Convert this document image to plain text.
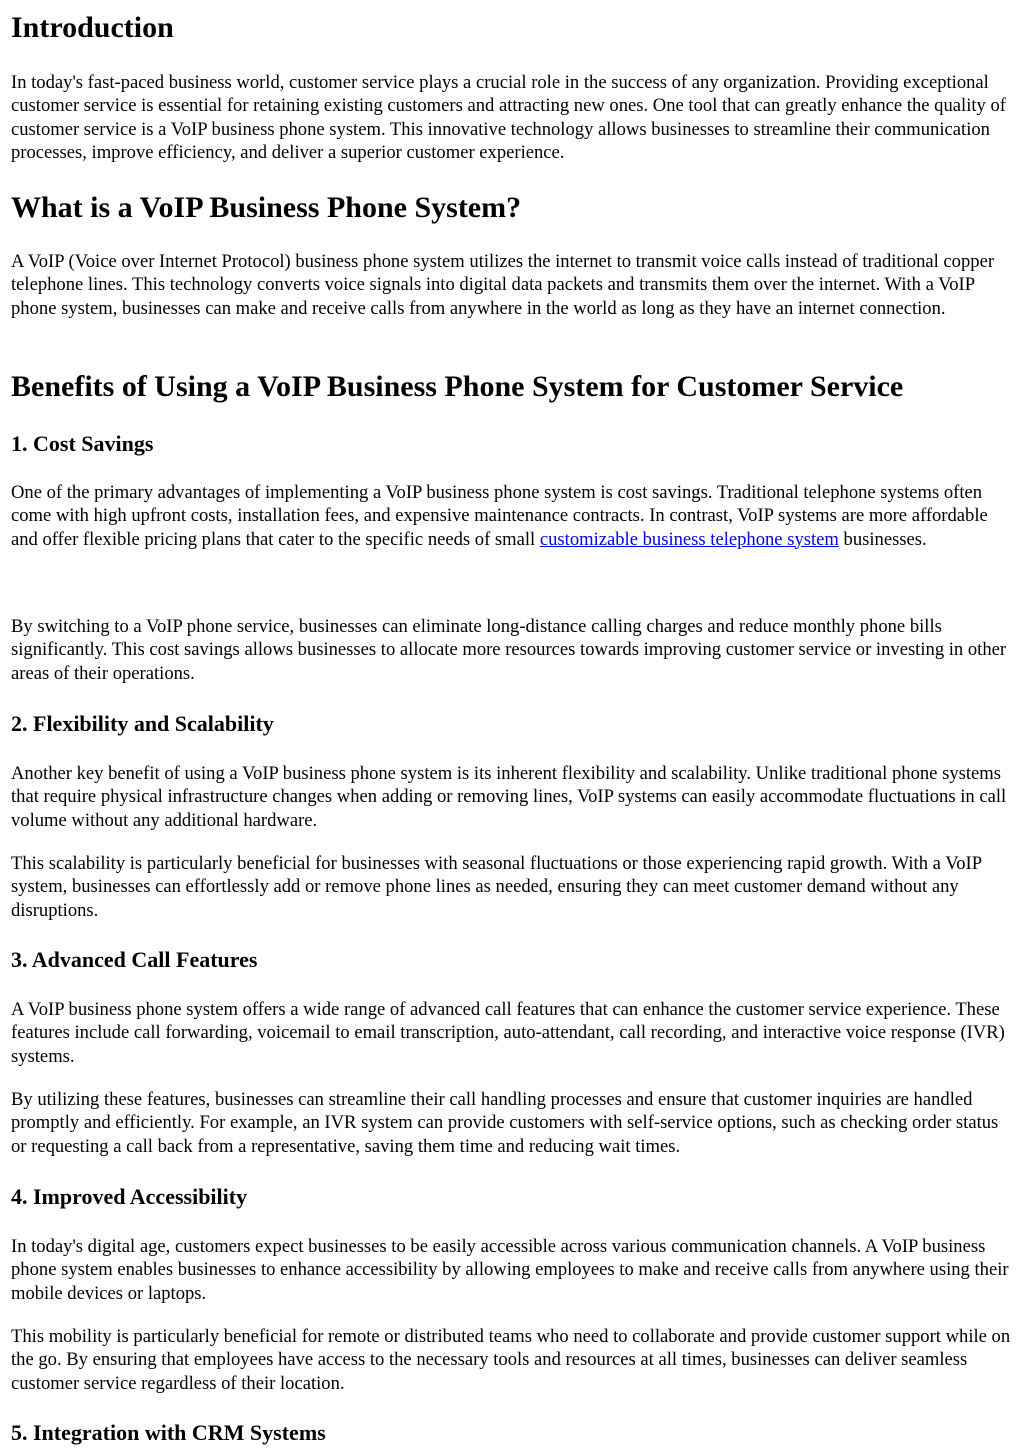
Introduction

In today's fast-paced business world, customer service plays a crucial role in the success of any organization. Providing exceptional customer service is essential for retaining existing customers and attracting new ones. One tool that can greatly enhance the quality of customer service is a VoIP business phone system. This innovative technology allows businesses to streamline their communication processes, improve efficiency, and deliver a superior customer experience.

What is a VoIP Business Phone System?

A VoIP (Voice over Internet Protocol) business phone system utilizes the internet to transmit voice calls instead of traditional copper telephone lines. This technology converts voice signals into digital data packets and transmits them over the internet. With a VoIP phone system, businesses can make and receive calls from anywhere in the world as long as they have an internet connection.

Benefits of Using a VoIP Business Phone System for Customer Service
1. Cost Savings

One of the primary advantages of implementing a VoIP business phone system is cost savings. Traditional telephone systems often come with high upfront costs, installation fees, and expensive maintenance contracts. In contrast, VoIP systems are more affordable and offer flexible pricing plans that cater to the specific needs of small customizable business telephone system businesses.

By switching to a VoIP phone service, businesses can eliminate long-distance calling charges and reduce monthly phone bills significantly. This cost savings allows businesses to allocate more resources towards improving customer service or investing in other areas of their operations.

2. Flexibility and Scalability

Another key benefit of using a VoIP business phone system is its inherent flexibility and scalability. Unlike traditional phone systems that require physical infrastructure changes when adding or removing lines, VoIP systems can easily accommodate fluctuations in call volume without any additional hardware.

This scalability is particularly beneficial for businesses with seasonal fluctuations or those experiencing rapid growth. With a VoIP system, businesses can effortlessly add or remove phone lines as needed, ensuring they can meet customer demand without any disruptions.

3. Advanced Call Features

A VoIP business phone system offers a wide range of advanced call features that can enhance the customer service experience. These features include call forwarding, voicemail to email transcription, auto-attendant, call recording, and interactive voice response (IVR) systems.

By utilizing these features, businesses can streamline their call handling processes and ensure that customer inquiries are handled promptly and efficiently. For example, an IVR system can provide customers with self-service options, such as checking order status or requesting a call back from a representative, saving them time and reducing wait times.

4. Improved Accessibility

In today's digital age, customers expect businesses to be easily accessible across various communication channels. A VoIP business phone system enables businesses to enhance accessibility by allowing employees to make and receive calls from anywhere using their mobile devices or laptops.

This mobility is particularly beneficial for remote or distributed teams who need to collaborate and provide customer support while on the go. By ensuring that employees have access to the necessary tools and resources at all times, businesses can deliver seamless customer service regardless of their location.

5. Integration with CRM Systems
